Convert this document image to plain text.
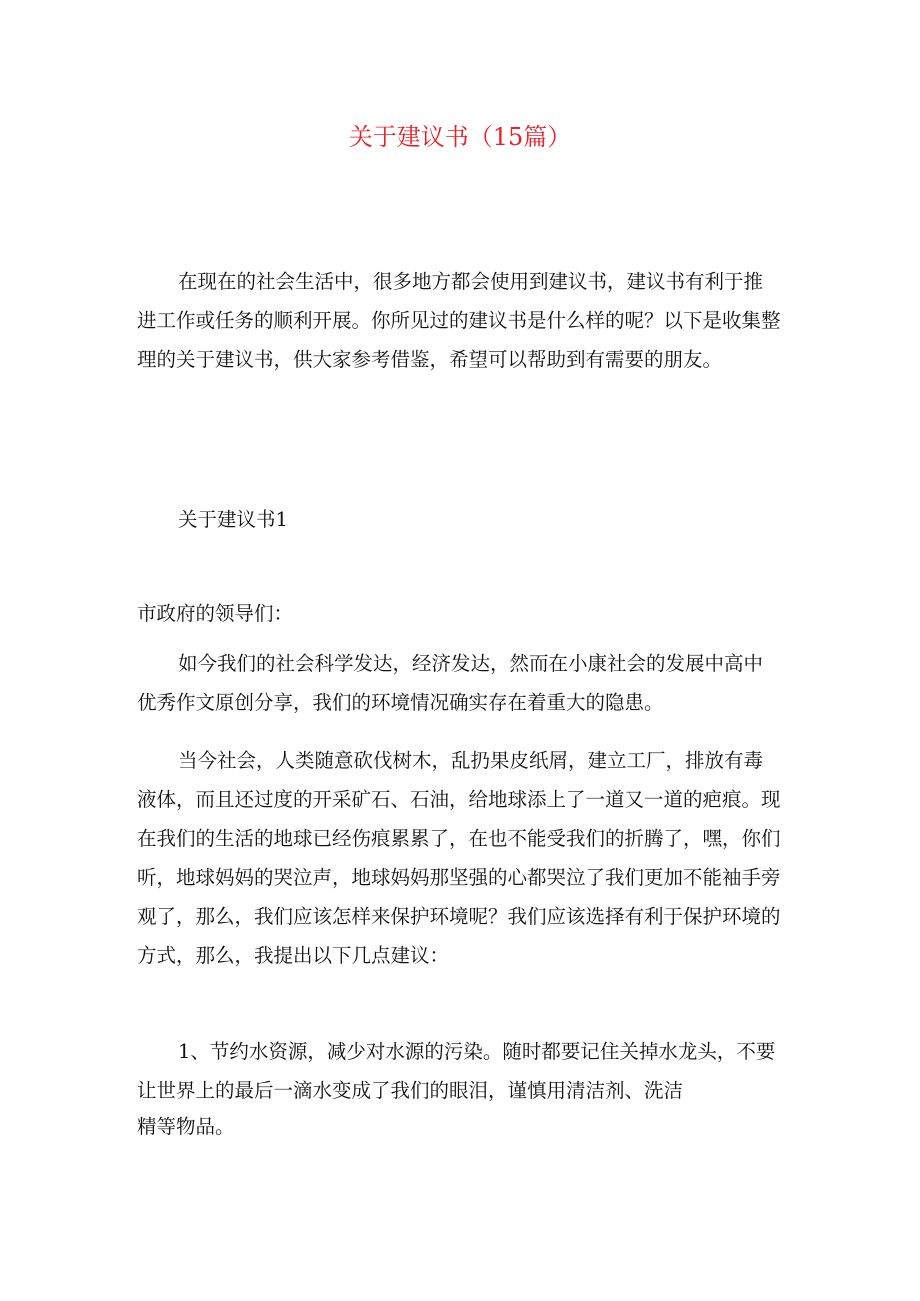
关于建议书（15篇）
在现在的社会生活中，很多地方都会使用到建议书，建议书有利于推
进工作或任务的顺利开展。你所见过的建议书是什么样的呢？以下是收集整
理的关于建议书，供大家参考借鉴，希望可以帮助到有需要的朋友。
关于建议书1
市政府的领导们：
如今我们的社会科学发达，经济发达，然而在小康社会的发展中高中
优秀作文原创分享，我们的环境情况确实存在着重大的隐患。
当今社会，人类随意砍伐树木，乱扔果皮纸屑，建立工厂，排放有毒
液体，而且还过度的开采矿石、石油，给地球添上了一道又一道的疤痕。现
在我们的生活的地球已经伤痕累累了，在也不能受我们的折腾了，嘿，你们
听，地球妈妈的哭泣声，地球妈妈那坚强的心都哭泣了我们更加不能袖手旁
观了，那么，我们应该怎样来保护环境呢？我们应该选择有利于保护环境的
方式，那么，我提出以下几点建议：
1、节约水资源，减少对水源的污染。随时都要记住关掉水龙头，不要
让世界上的最后一滴水变成了我们的眼泪，谨慎用清洁剂、洗洁
精等物品。
